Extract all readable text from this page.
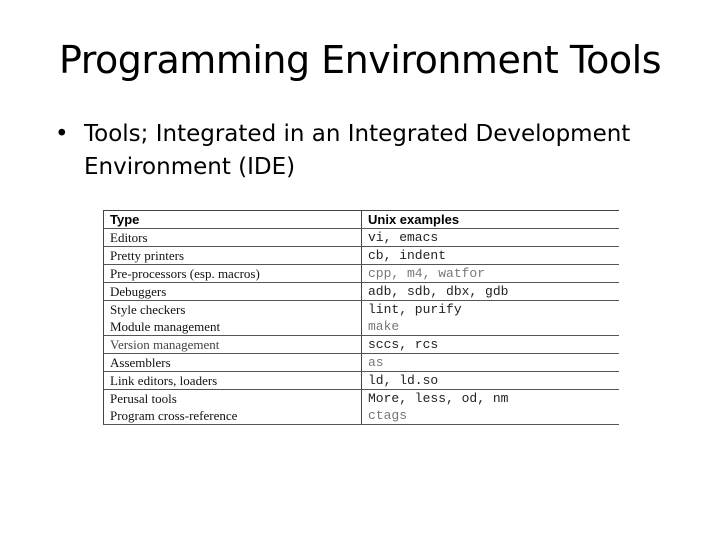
Programming Environment Tools
• Tools; Integrated in an Integrated Development Environment (IDE)
Type	Unix examples
Editors	vi, emacs
Pretty printers	cb, indent
Pre-processors (esp. macros)	cpp, m4, watfor
Debuggers	adb, sdb, dbx, gdb
Style checkers	lint, purify
Module management	make
Version management	sccs, rcs
Assemblers	as
Link editors, loaders	ld, ld.so
Perusal tools	More, less, od, nm
Program cross-reference	ctags
